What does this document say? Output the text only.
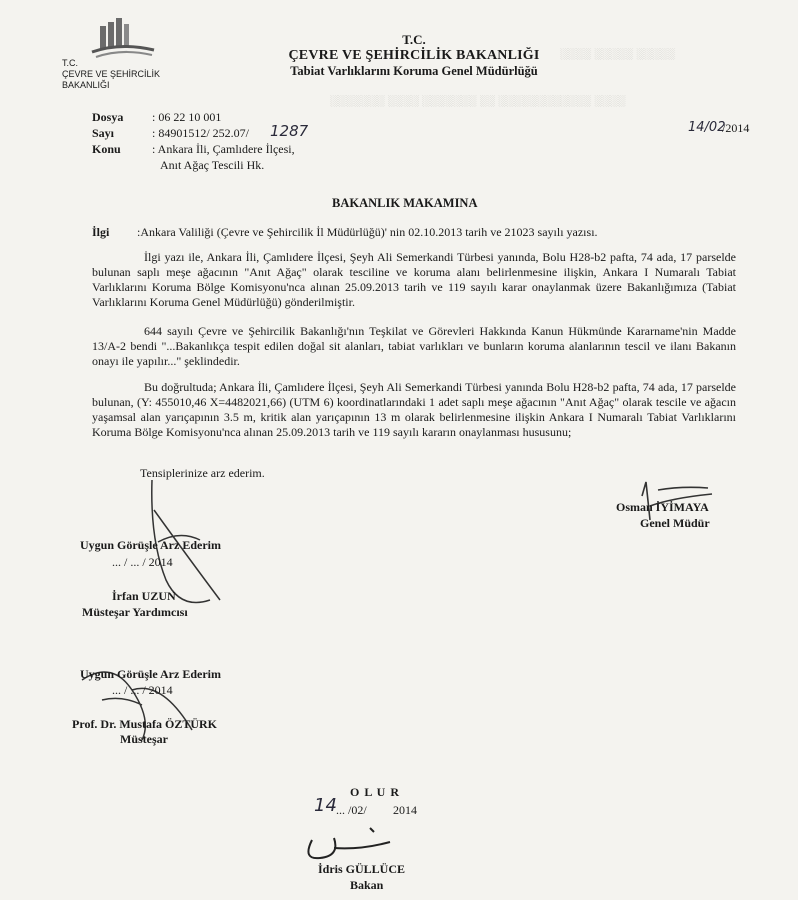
░░░░ ░░░░░ ░░░░░
░░░░ ░░░░
░░░░░░░ ░░░░ ░░░░░░░ ░░ ░░░░░░░░
T.C.
ÇEVRE VE ŞEHİRCİLİK
BAKANLIĞI
T.C.
ÇEVRE VE ŞEHİRCİLİK BAKANLIĞI
Tabiat Varlıklarını Koruma Genel Müdürlüğü
Dosya : 06 22 10 001
Sayı	: 84901512/ 252.07/ 1287
Konu	: Ankara İli, Çamlıdere İlçesi,
Anıt Ağaç Tescili Hk.
14/02
/2014
BAKANLIK MAKAMINA
İlgi :Ankara Valiliği (Çevre ve Şehircilik İl Müdürlüğü)' nin 02.10.2013 tarih ve 21023 sayılı yazısı.
İlgi yazı ile, Ankara İli, Çamlıdere İlçesi, Şeyh Ali Semerkandi Türbesi yanında, Bolu H28-b2 pafta, 74 ada, 17 parselde bulunan saplı meşe ağacının "Anıt Ağaç" olarak tesciline ve koruma alanı belirlenmesine ilişkin, Ankara I Numaralı Tabiat Varlıklarını Koruma Bölge Komisyonu'nca alınan 25.09.2013 tarih ve 119 sayılı karar onaylanmak üzere Bakanlığımıza (Tabiat Varlıklarını Koruma Genel Müdürlüğü) gönderilmiştir.
644 sayılı Çevre ve Şehircilik Bakanlığı'nın Teşkilat ve Görevleri Hakkında Kanun Hükmünde Kararname'nin Madde 13/A-2 bendi "...Bakanlıkça tespit edilen doğal sit alanları, tabiat varlıkları ve bunların koruma alanlarının tescil ve ilanı Bakanın onayı ile yapılır..." şeklindedir.
Bu doğrultuda; Ankara İli, Çamlıdere İlçesi, Şeyh Ali Semerkandi Türbesi yanında Bolu H28-b2 pafta, 74 ada, 17 parselde bulunan, (Y: 455010,46 X=4482021,66) (UTM 6) koordinatlarındaki 1 adet saplı meşe ağacının "Anıt Ağaç" olarak tescile ve ağacın yaşamsal alan yarıçapının 3.5 m, kritik alan yarıçapının 13 m olarak belirlenmesine ilişkin Ankara I Numaralı Tabiat Varlıklarını Koruma Bölge Komisyonu'nca alınan 25.09.2013 tarih ve 119 sayılı kararın onaylanması hususunu;
Tensiplerinize arz ederim.
Osman İYİMAYA
Genel Müdür
Uygun Görüşle Arz Ederim
... / ... / 2014
İrfan UZUN
Müsteşar Yardımcısı
Uygun Görüşle Arz Ederim
... / ... / 2014
Prof. Dr. Mustafa ÖZTÜRK
Müsteşar
O L U R
14 ... /02/ 2014
İdris GÜLLÜCE
Bakan
